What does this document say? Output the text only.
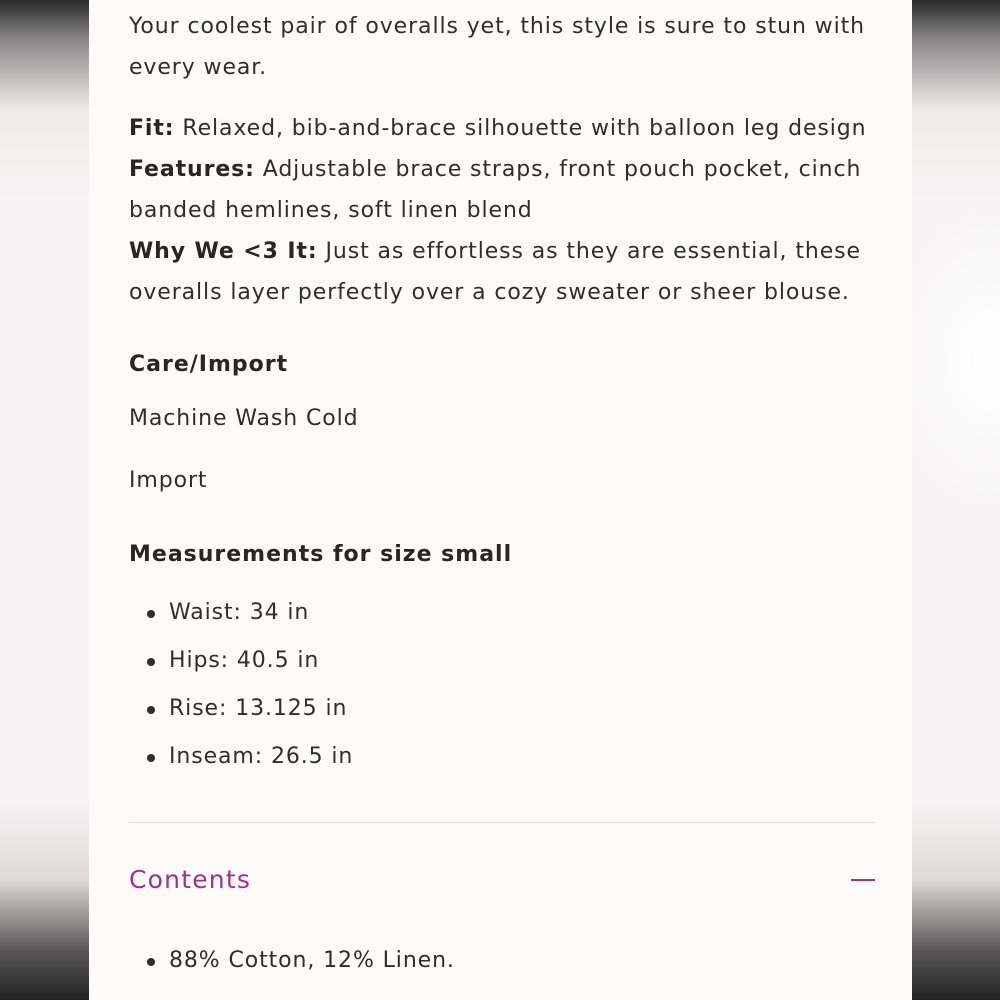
Your coolest pair of overalls yet, this style is sure to stun with every wear.

Fit: Relaxed, bib-and-brace silhouette with balloon leg design
Features: Adjustable brace straps, front pouch pocket, cinch banded hemlines, soft linen blend
Why We <3 It: Just as effortless as they are essential, these overalls layer perfectly over a cozy sweater or sheer blouse.

Care/Import

Machine Wash Cold

Import

Measurements for size small
Waist: 34 in
Hips: 40.5 in
Rise: 13.125 in
Inseam: 26.5 in
Contents
88% Cotton, 12% Linen.
